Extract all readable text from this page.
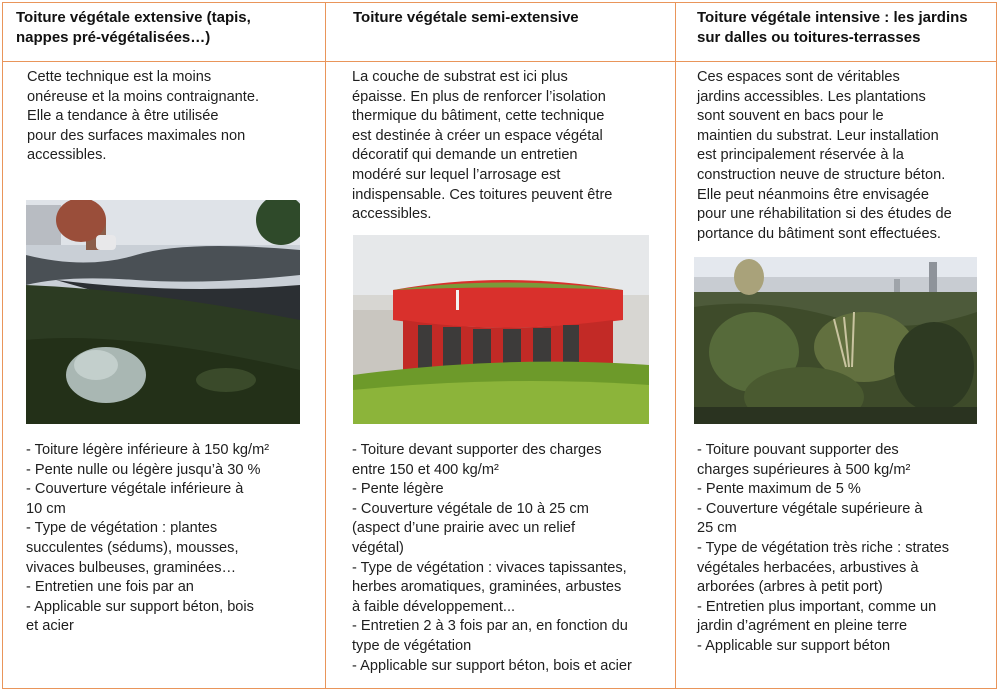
Toiture végétale extensive (tapis,
nappes pré-végétalisées…)
Cette technique est la moins
onéreuse et la moins contraignante.
Elle a tendance à être utilisée
pour des surfaces maximales non
accessibles.
- Toiture légère inférieure à 150 kg/m²
- Pente nulle ou légère jusqu’à 30 %
- Couverture végétale inférieure à
10 cm
- Type de végétation : plantes
succulentes (sédums), mousses,
vivaces bulbeuses, graminées…
- Entretien une fois par an
- Applicable sur support béton, bois
et acier
Toiture végétale semi-extensive
La couche de substrat est ici plus
épaisse. En plus de renforcer l’isolation
thermique du bâtiment, cette technique
est destinée à créer un espace végétal
décoratif qui demande un entretien
modéré sur lequel l’arrosage est
indispensable. Ces toitures peuvent être
accessibles.
- Toiture devant supporter des charges
entre 150 et 400 kg/m²
- Pente légère
- Couverture végétale de 10 à 25 cm
(aspect d’une prairie avec un relief
végétal)
- Type de végétation : vivaces tapissantes,
herbes aromatiques, graminées, arbustes
à faible développement...
- Entretien 2 à 3 fois par an, en fonction du
type de végétation
- Applicable sur support béton, bois et acier
Toiture végétale intensive : les jardins
sur dalles ou toitures-terrasses
Ces espaces sont de véritables
jardins accessibles. Les plantations
sont souvent en bacs pour le
maintien du substrat. Leur installation
est principalement réservée à la
construction neuve de structure béton.
Elle peut néanmoins être envisagée
pour une réhabilitation si des études de
portance du bâtiment sont effectuées.
- Toiture pouvant supporter des
charges supérieures à 500 kg/m²
- Pente maximum de 5 %
- Couverture végétale supérieure à
25 cm
- Type de végétation très riche : strates
végétales herbacées, arbustives à
arborées (arbres à petit port)
- Entretien plus important, comme un
jardin d’agrément en pleine terre
- Applicable sur support béton
